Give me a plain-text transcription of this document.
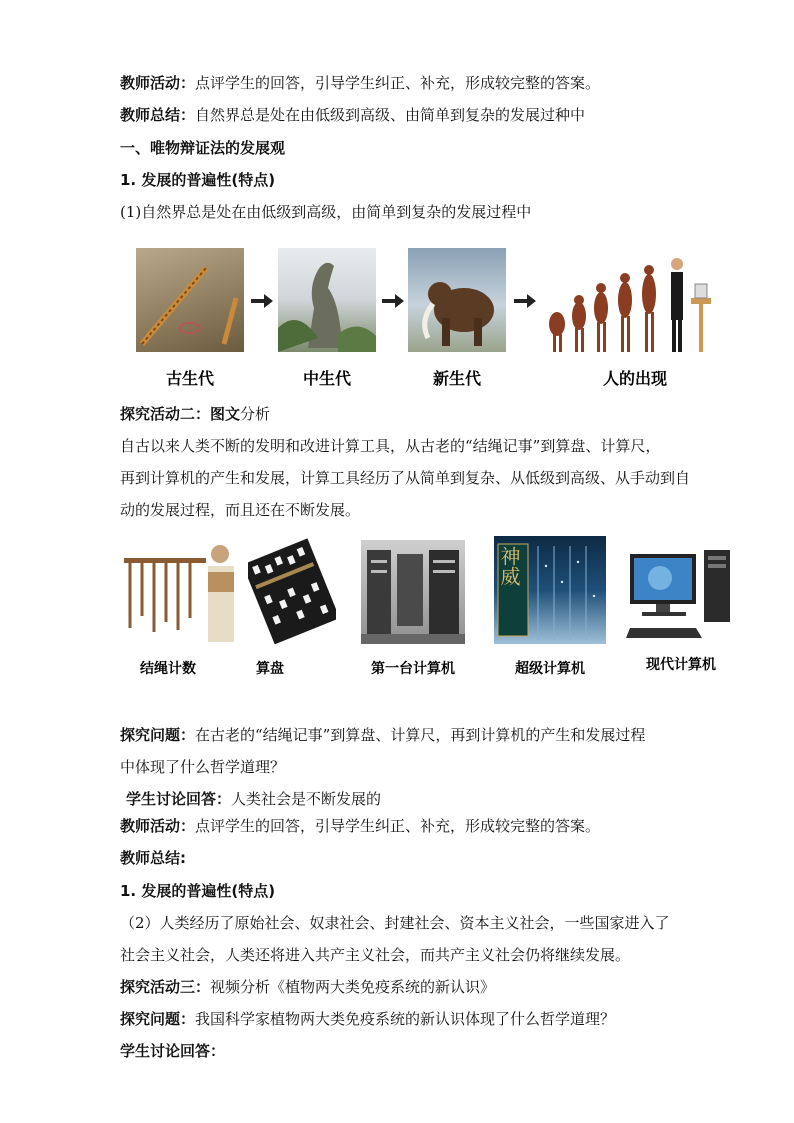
教师活动：点评学生的回答，引导学生纠正、补充，形成较完整的答案。
教师总结：自然界总是处在由低级到高级、由简单到复杂的发展过种中
一、唯物辩证法的发展观
1. 发展的普遍性(特点)
(1)自然界总是处在由低级到高级，由简单到复杂的发展过程中
古生代	中生代	新生代	人的出现
探究活动二：图文分析
自古以来人类不断的发明和改进计算工具，从古老的“结绳记事”到算盘、计算尺，
再到计算机的产生和发展，计算工具经历了从简单到复杂、从低级到高级、从手动到自
动的发展过程，而且还在不断发展。
神威
结绳计数	算盘	第一台计算机	超级计算机	现代计算机
探究问题：在古老的“结绳记事”到算盘、计算尺，再到计算机的产生和发展过程
中体现了什么哲学道理？
学生讨论回答：人类社会是不断发展的
教师活动：点评学生的回答，引导学生纠正、补充，形成较完整的答案。
教师总结:
1. 发展的普遍性(特点)
（2）人类经历了原始社会、奴隶社会、封建社会、资本主义社会，一些国家进入了
社会主义社会，人类还将进入共产主义社会，而共产主义社会仍将继续发展。
探究活动三：视频分析《植物两大类免疫系统的新认识》
探究问题：我国科学家植物两大类免疫系统的新认识体现了什么哲学道理？
学生讨论回答：
